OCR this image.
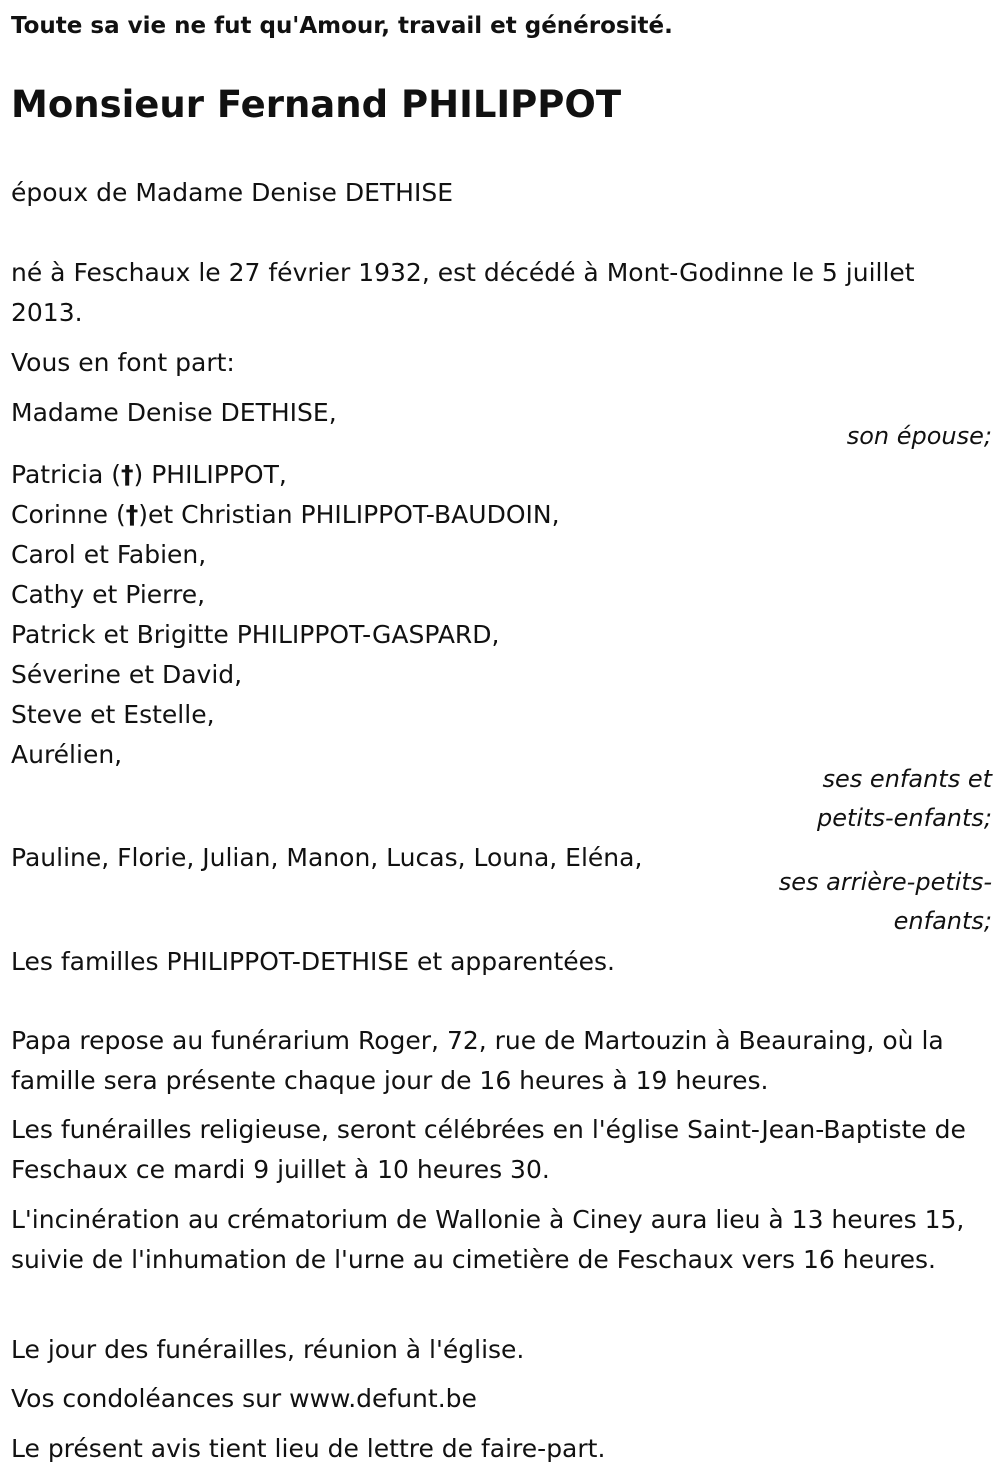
Toute sa vie ne fut qu'Amour, travail et générosité.
Monsieur Fernand PHILIPPOT
époux de Madame Denise DETHISE
né à Feschaux le 27 février 1932, est décédé à Mont-Godinne le 5 juillet 2013.
Vous en font part:
Madame Denise DETHISE,
son épouse;
Patricia (†) PHILIPPOT,
Corinne (†)et Christian PHILIPPOT-BAUDOIN,
Carol et Fabien,
Cathy et Pierre,
Patrick et Brigitte PHILIPPOT-GASPARD,
Séverine et David,
Steve et Estelle,
Aurélien,
ses enfants et
petits-enfants;
Pauline, Florie, Julian, Manon, Lucas, Louna, Eléna,
ses arrière-petits-
enfants;
Les familles PHILIPPOT-DETHISE et apparentées.
Papa repose au funérarium Roger, 72, rue de Martouzin à Beauraing, où la famille sera présente chaque jour de 16 heures à 19 heures.
Les funérailles religieuse, seront célébrées en l'église Saint-Jean-Baptiste de Feschaux ce mardi 9 juillet à 10 heures 30.
L'incinération au crématorium de Wallonie à Ciney aura lieu à 13 heures 15, suivie de l'inhumation de l'urne au cimetière de Feschaux vers 16 heures.
Le jour des funérailles, réunion à l'église.
Vos condoléances sur www.defunt.be
Le présent avis tient lieu de lettre de faire-part.
